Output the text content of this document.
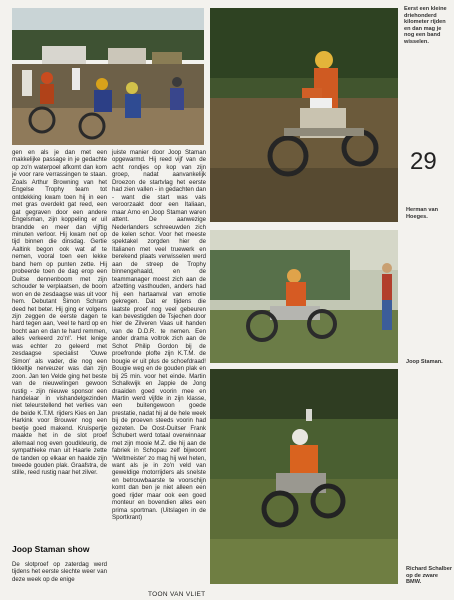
Eerst een kleine driehonderd kilometer rijden en dan mag je nog een band wisselen.
29
Herman van Hoeges.
Joop Staman.
Richard Schalber op de zware BMW.

gen en als je dan met een makkelijke passage in je gedachte op zo'n waterpoel afkomt dan kom je voor rare verrassingen te staan. Zoals Arthur Browning van het Engelse Trophy team tot ontdekking kwam toen hij in een met gras overdekt gat reed, een gat gegraven door een andere Engelsman, zijn koppeling er uil brandde en meer dan vijftig minuten verloor. Hij kwam net op tijd binnen die dinsdag. Gertie Aaltink begon ook wat af te nemen, vooral toen een lekke band hem op punten zette. Hij probeerde toen de dag erop een Duitse dennenboom met zijn schouder te verplaatsen, de boom won en de zesdaagse was uit voor hem. Debutant Simon Schram deed het beter. Hij ging er volgens zijn zeggen de eerste dagen te hard tegen aan, 'veel te hard op en bocht aan en dan te hard remmen, alles verkeerd zo'n!'. Het lenige was echter zo geleerd met zesdaagse specialist 'Ouwe Simon' als vader, die nog een tikkeltje nerveuzer was dan zijn zoon. Jan ten Velde ging het beste van de nieuwelingen gewoon rustig - zijn nieuwe sponsor een handelaar in vishandelgezinden niet teleurstellend het verlies van de beide K.T.M. rijders Kies en Jan Harkink voor Brouwer nog een beetje goed makend. Kruispertje maakte het in de slot proef allemaal nog even goudkleurig, de sympathieke man uit Haarle zette de tanden op elkaar en haalde zijn tweede gouden plak. Graafstra, de stille, reed rustig naar het zilver.

Joop Staman show

De slotproef op zaterdag werd tijdens het eerste slechte weer van deze week op de enige

juiste manier door Joop Staman opgewarmd. Hij reed vijf van de acht rondjes op kop van zijn groep, nadat aanvankelijk Droezon de startvlag het eerste had zien vallen - in gedachten dan - want die start was vals veroorzaakt door een Italiaan, maar Arno en Joop Staman waren attent. De aanwezige Nederlanders schreeuwden zich de kelen schor. Voor het meeste spektakel zorgden hier de Italianen met veel truewerk en berekend plaats verwisselen werd aan de streep de Trophy binnengehaald, en de teammanager moest zich aan de afzetting vasthouden, anders had hij een hartaanval van emotie gekregen. Dat er tijdens die laatste proef nog veel gebeuren kan bevestigden de Tsjechen door hier de Zilveren Vaas uit handen van de D.D.R. te nemen. Een ander drama voltrok zich aan de Schot Philip Gordon bij de proefronde plofte zijn K.T.M. de bougie er uit plus de schoefdraad! Bougie weg en de gouden plak en bij 25 min. voor het einde. Martin Schalkwijk en Jappie de Jong draaiden goed voorin mee en Martin werd vijfde in zijn klasse, een buitengewoon goede prestatie, nadat hij al de hele week bij de proeven steeds voorin had gezeten. De Oost-Duitser Frank Schubert werd totaal overwinnaar met zijn mooie M.Z. die hij aan de fabriek in Schopau zelf bijwoont 'Weltmeister' zo mag hij wel heten, want als je in zo'n veld van geweldige motorrijders als snelste en betrouwbaarste te voorschijn komt dan ben je niet alleen een goed rijder maar ook een goed monteur en bovendien alles een prima sportman. (Uitslagen in de Sportkrant)

TOON VAN VLIET
